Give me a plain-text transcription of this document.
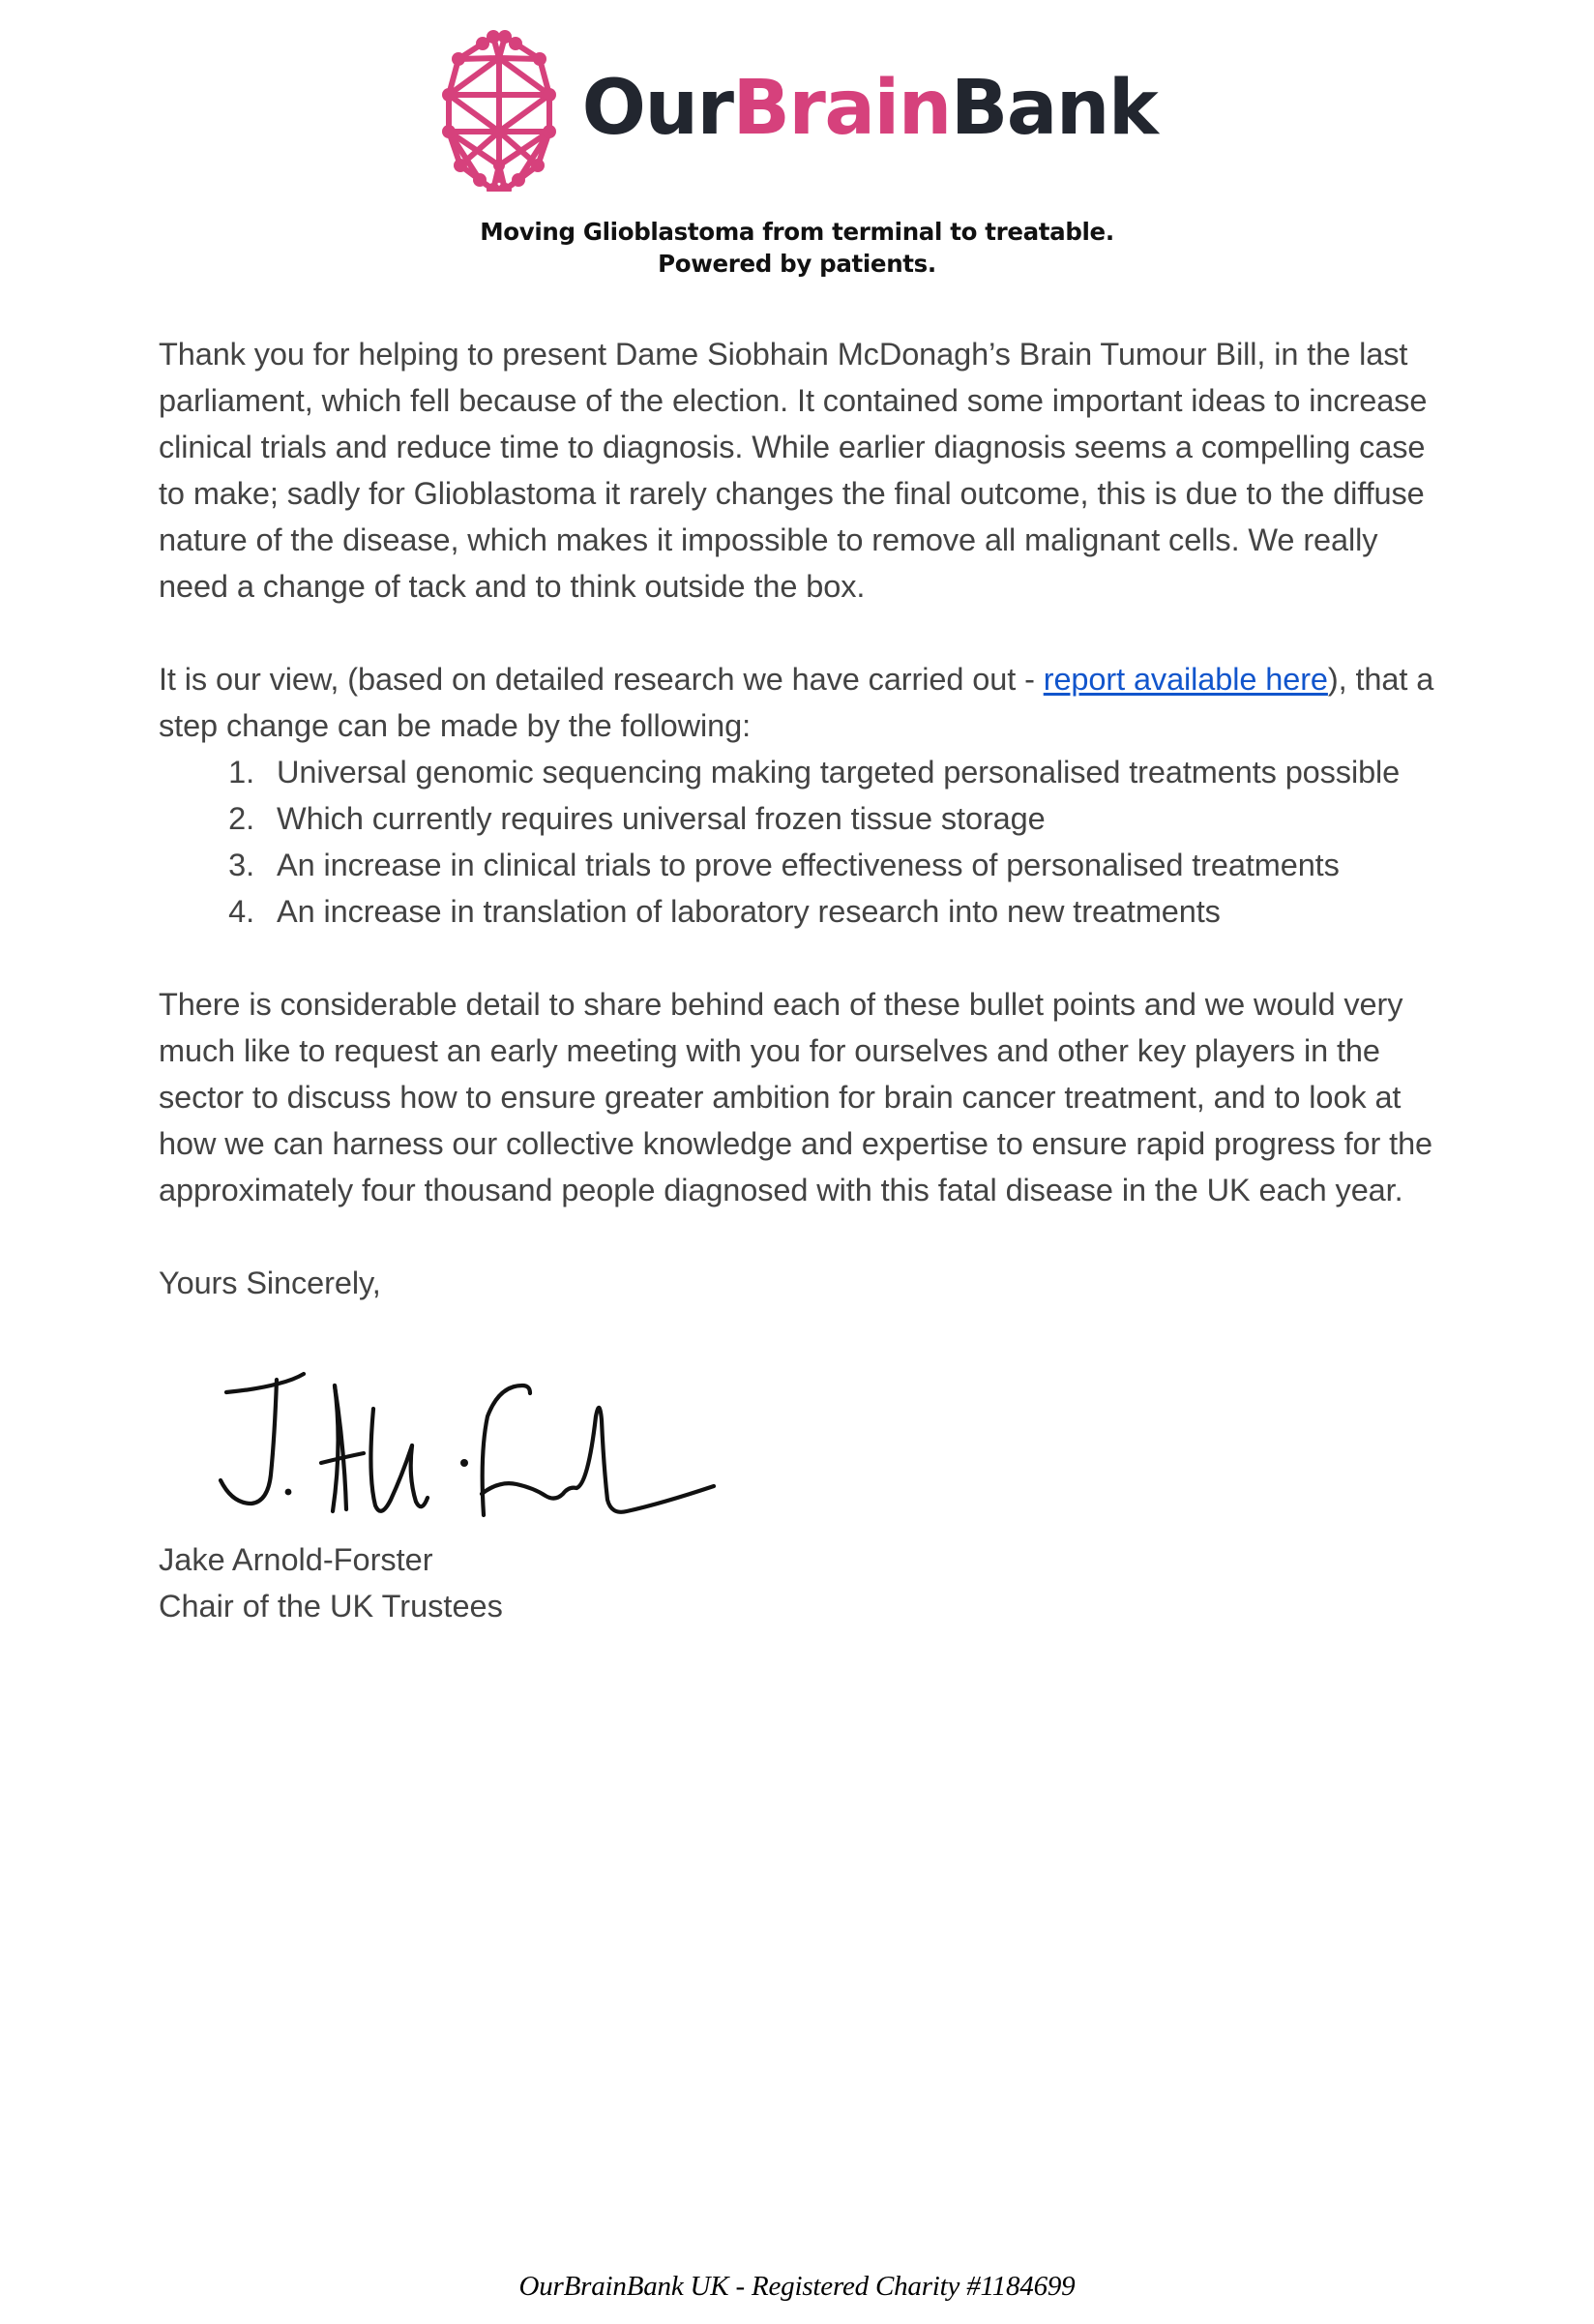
Our Brain Bank
Moving Glioblastoma from terminal to treatable.
Powered by patients.

Thank you for helping to present Dame Siobhain McDonagh’s Brain Tumour Bill, in the last parliament, which fell because of the election. It contained some important ideas to increase clinical trials and reduce time to diagnosis. While earlier diagnosis seems a compelling case to make; sadly for Glioblastoma it rarely changes the final outcome, this is due to the diffuse nature of the disease, which makes it impossible to remove all malignant cells. We really need a change of tack and to think outside the box.

It is our view, (based on detailed research we have carried out - report available here), that a step change can be made by the following:

1. Universal genomic sequencing making targeted personalised treatments possible
2. Which currently requires universal frozen tissue storage
3. An increase in clinical trials to prove effectiveness of personalised treatments
4. An increase in translation of laboratory research into new treatments

There is considerable detail to share behind each of these bullet points and we would very much like to request an early meeting with you for ourselves and other key players in the sector to discuss how to ensure greater ambition for brain cancer treatment, and to look at how we can harness our collective knowledge and expertise to ensure rapid progress for the approximately four thousand people diagnosed with this fatal disease in the UK each year.

Yours Sincerely,

Jake Arnold-Forster
Chair of the UK Trustees
OurBrainBank UK - Registered Charity #1184699
